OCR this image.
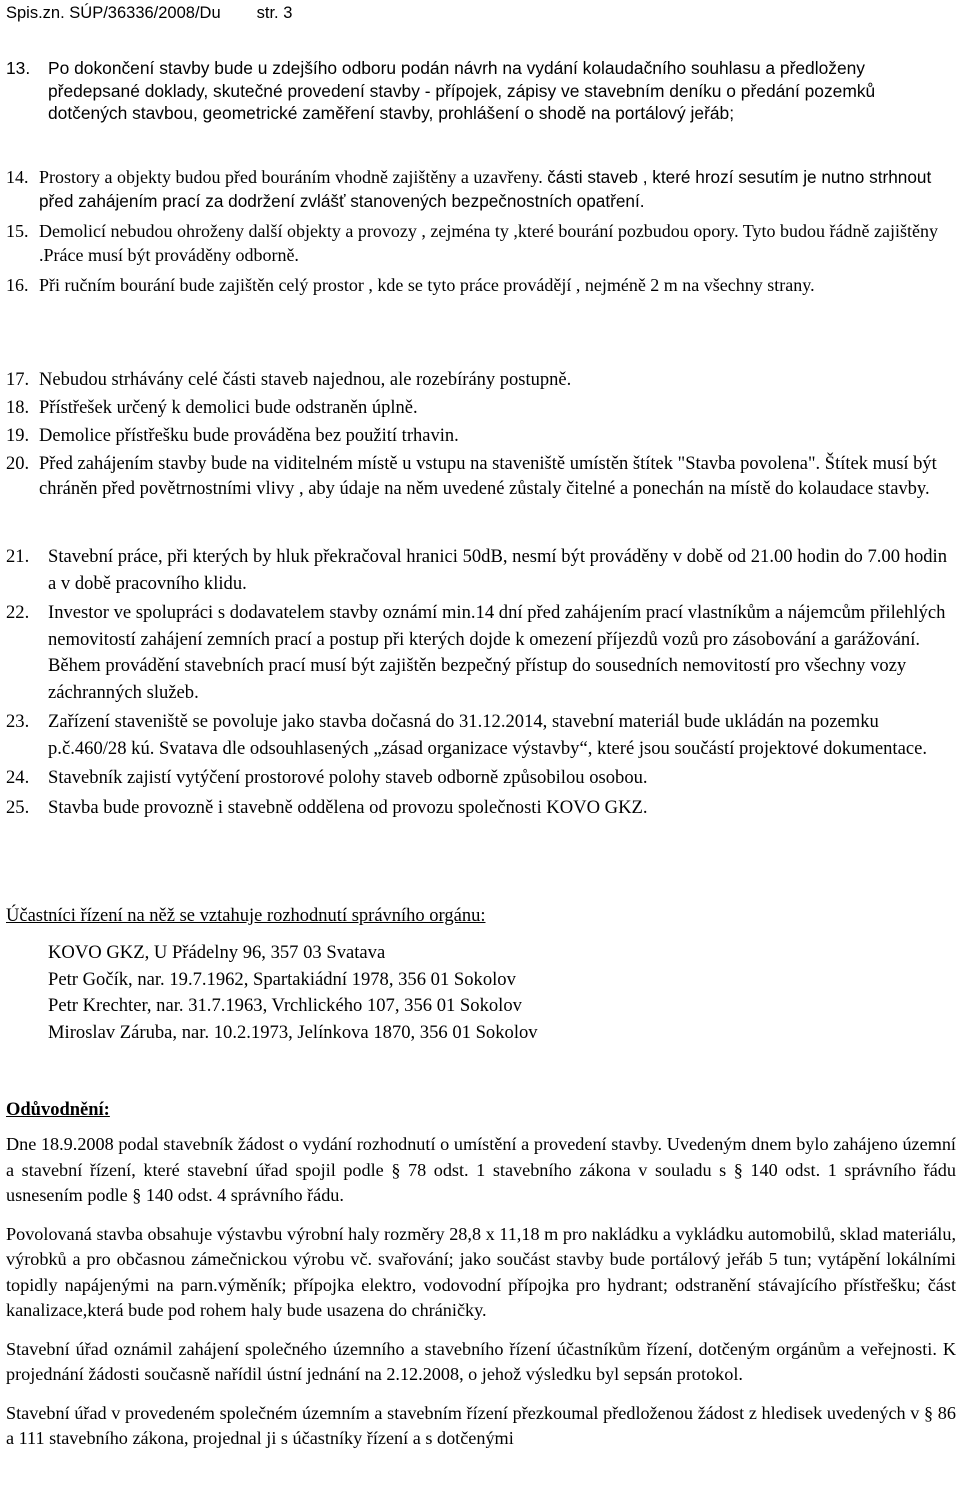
Spis.zn. SÚP/36336/2008/Du str. 3
13.	Po dokončení stavby bude u zdejšího odboru podán návrh na vydání kolaudačního souhlasu a předloženy předepsané doklady, skutečné provedení stavby - přípojek, zápisy ve stavebním deníku o předání pozemků dotčených stavbou, geometrické zaměření stavby, prohlášení o shodě na portálový jeřáb;
14. Prostory a objekty budou před bouráním vhodně zajištěny a uzavřeny. části staveb , které hrozí sesutím je nutno strhnout před zahájením prací za dodržení zvlášť stanovených bezpečnostních opatření.
15. Demolicí nebudou ohroženy další objekty a provozy , zejména ty ,které bourání pozbudou opory. Tyto budou řádně zajištěny .Práce musí být prováděny odborně.
16. Při ručním bourání bude zajištěn celý prostor , kde se tyto práce provádějí , nejméně 2 m na všechny strany.
17. Nebudou strhávány celé části staveb najednou, ale rozebírány postupně.
18. Přístřešek určený k demolici bude odstraněn úplně.
19. Demolice přístřešku bude prováděna bez použití trhavin.
20. Před zahájením stavby bude na viditelném místě u vstupu na staveniště umístěn štítek "Stavba povolena". Štítek musí být chráněn před povětrnostními vlivy , aby údaje na něm uvedené zůstaly čitelné a ponechán na místě do kolaudace stavby.
21.	Stavební práce, při kterých by hluk překračoval hranici 50dB, nesmí být prováděny v době od 21.00 hodin do 7.00 hodin a v době pracovního klidu.
22.	Investor ve spolupráci s dodavatelem stavby oznámí min.14 dní před zahájením prací vlastníkům a nájemcům přilehlých nemovitostí zahájení zemních prací a postup při kterých dojde k omezení příjezdů vozů pro zásobování a garážování. Během provádění stavebních prací musí být zajištěn bezpečný přístup do sousedních nemovitostí pro všechny vozy záchranných služeb.
23.	Zařízení staveniště se povoluje jako stavba dočasná do 31.12.2014, stavební materiál bude ukládán na pozemku p.č.460/28 kú. Svatava dle odsouhlasených „zásad organizace výstavby“, které jsou součástí projektové dokumentace.
24.	Stavebník zajistí vytýčení prostorové polohy staveb odborně způsobilou osobou.
25.	Stavba bude provozně i stavebně oddělena od provozu společnosti KOVO GKZ.
Účastníci řízení na něž se vztahuje rozhodnutí správního orgánu:
KOVO GKZ, U Přádelny 96, 357 03 Svatava
Petr Gočík, nar. 19.7.1962, Spartakiádní 1978, 356 01 Sokolov
Petr Krechter, nar. 31.7.1963, Vrchlického 107, 356 01 Sokolov
Miroslav Záruba, nar. 10.2.1973, Jelínkova 1870, 356 01 Sokolov
Odůvodnění:

Dne 18.9.2008 podal stavebník žádost o vydání rozhodnutí o umístění a provedení stavby. Uvedeným dnem bylo zahájeno územní a stavební řízení, které stavební úřad spojil podle § 78 odst. 1 stavebního zákona v souladu s § 140 odst. 1 správního řádu usnesením podle § 140 odst. 4 správního řádu.

Povolovaná stavba obsahuje výstavbu výrobní haly rozměry 28,8 x 11,18 m pro nakládku a vykládku automobilů, sklad materiálu, výrobků a pro občasnou zámečnickou výrobu vč. svařování; jako součást stavby bude portálový jeřáb 5 tun; vytápění lokálními topidly napájenými na parn.výměník; přípojka elektro, vodovodní přípojka pro hydrant; odstranění stávajícího přístřešku; část kanalizace,která bude pod rohem haly bude usazena do chráničky.

Stavební úřad oznámil zahájení společného územního a stavebního řízení účastníkům řízení, dotčeným orgánům a veřejnosti. K projednání žádosti současně nařídil ústní jednání na 2.12.2008, o jehož výsledku byl sepsán protokol.

Stavební úřad v provedeném společném územním a stavebním řízení přezkoumal předloženou žádost z hledisek uvedených v § 86 a 111 stavebního zákona, projednal ji s účastníky řízení a s dotčenými
